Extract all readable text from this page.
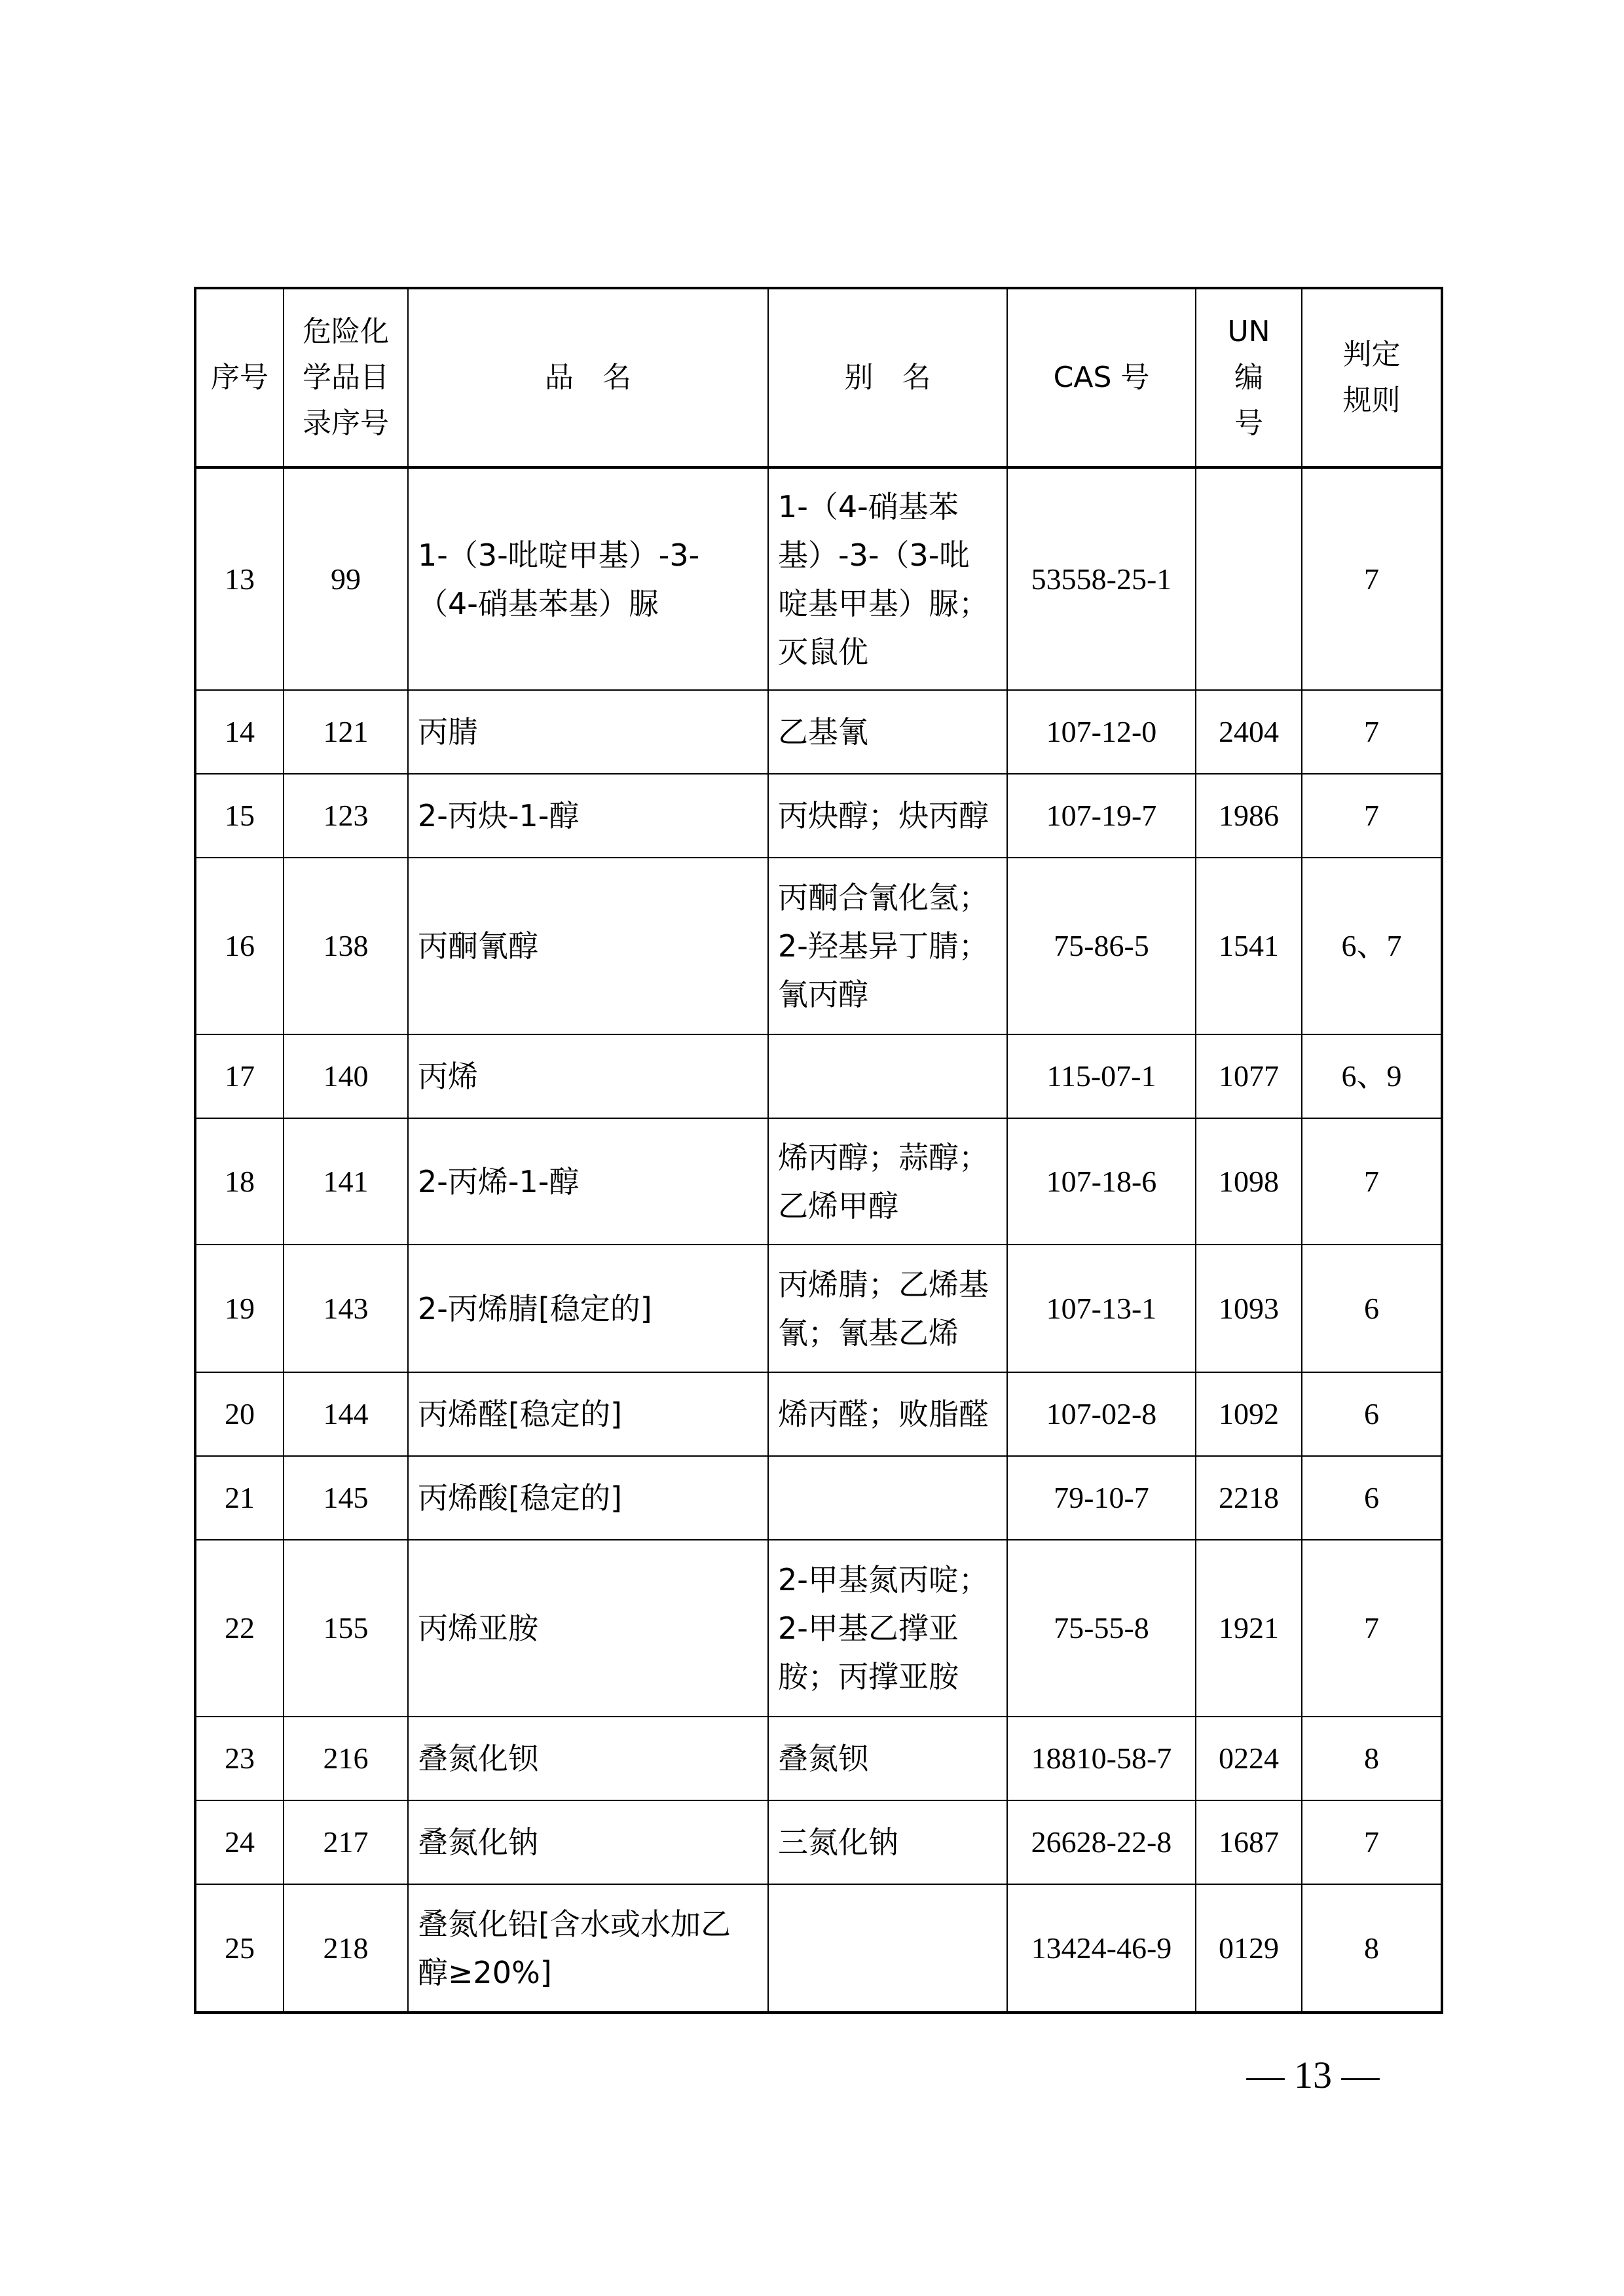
序号	危险化学品目录序号	品　名	别　名	CAS 号	UN编号	判定规则
13	99	1-（3-吡啶甲基）-3-（4-硝基苯基）脲	1-（4-硝基苯基）-3-（3-吡啶基甲基）脲；灭鼠优	53558-25-1		7
14	121	丙腈	乙基氰	107-12-0	2404	7
15	123	2-丙炔-1-醇	丙炔醇；炔丙醇	107-19-7	1986	7
16	138	丙酮氰醇	丙酮合氰化氢；2-羟基异丁腈；氰丙醇	75-86-5	1541	6、7
17	140	丙烯		115-07-1	1077	6、9
18	141	2-丙烯-1-醇	烯丙醇；蒜醇；乙烯甲醇	107-18-6	1098	7
19	143	2-丙烯腈[稳定的]	丙烯腈；乙烯基氰；氰基乙烯	107-13-1	1093	6
20	144	丙烯醛[稳定的]	烯丙醛；败脂醛	107-02-8	1092	6
21	145	丙烯酸[稳定的]		79-10-7	2218	6
22	155	丙烯亚胺	2-甲基氮丙啶；2-甲基乙撑亚胺；丙撑亚胺	75-55-8	1921	7
23	216	叠氮化钡	叠氮钡	18810-58-7	0224	8
24	217	叠氮化钠	三氮化钠	26628-22-8	1687	7
25	218	叠氮化铅[含水或水加乙醇≥20%]		13424-46-9	0129	8
— 13 —
